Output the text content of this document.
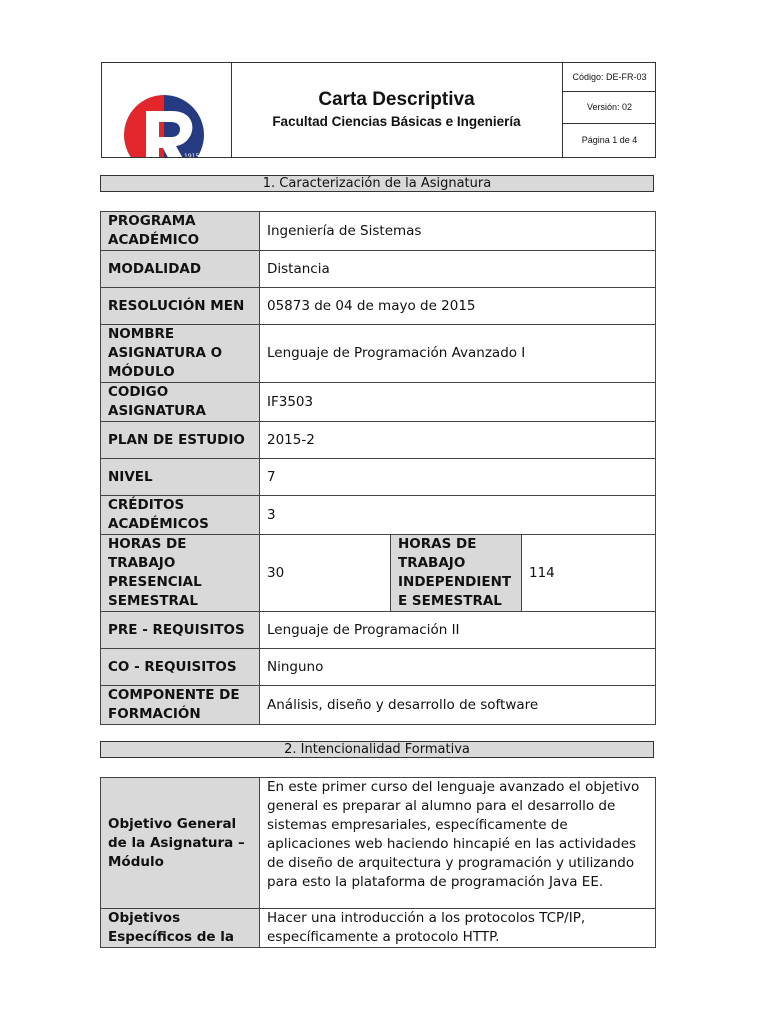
1915
Carta Descriptiva
Facultad Ciencias Básicas e Ingeniería
Código: DE-FR-03
Versión: 02
Página 1 de 4
1. Caracterización de la Asignatura
PROGRAMA ACADÉMICO	Ingeniería de Sistemas		
MODALIDAD	Distancia		
RESOLUCIÓN MEN	05873 de 04 de mayo de 2015		
NOMBRE ASIGNATURA O MÓDULO	Lenguaje de Programación Avanzado I		
CODIGO ASIGNATURA	IF3503		
PLAN DE ESTUDIO	2015-2		
NIVEL	7		
CRÉDITOS ACADÉMICOS	3		
HORAS DE TRABAJO PRESENCIAL SEMESTRAL	30	HORAS DE TRABAJO INDEPENDIENT E SEMESTRAL	114
PRE - REQUISITOS	Lenguaje de Programación II		
CO - REQUISITOS	Ninguno		
COMPONENTE DE FORMACIÓN	Análisis, diseño y desarrollo de software		
2. Intencionalidad Formativa
Objetivo General de la Asignatura – Módulo	En este primer curso del lenguaje avanzado el objetivo general es preparar al alumno para el desarrollo de sistemas empresariales, específicamente de aplicaciones web haciendo hincapié en las actividades de diseño de arquitectura y programación y utilizando para esto la plataforma de programación Java EE.
Objetivos Específicos de la	Hacer una introducción a los protocolos TCP/IP, específicamente a protocolo HTTP.
